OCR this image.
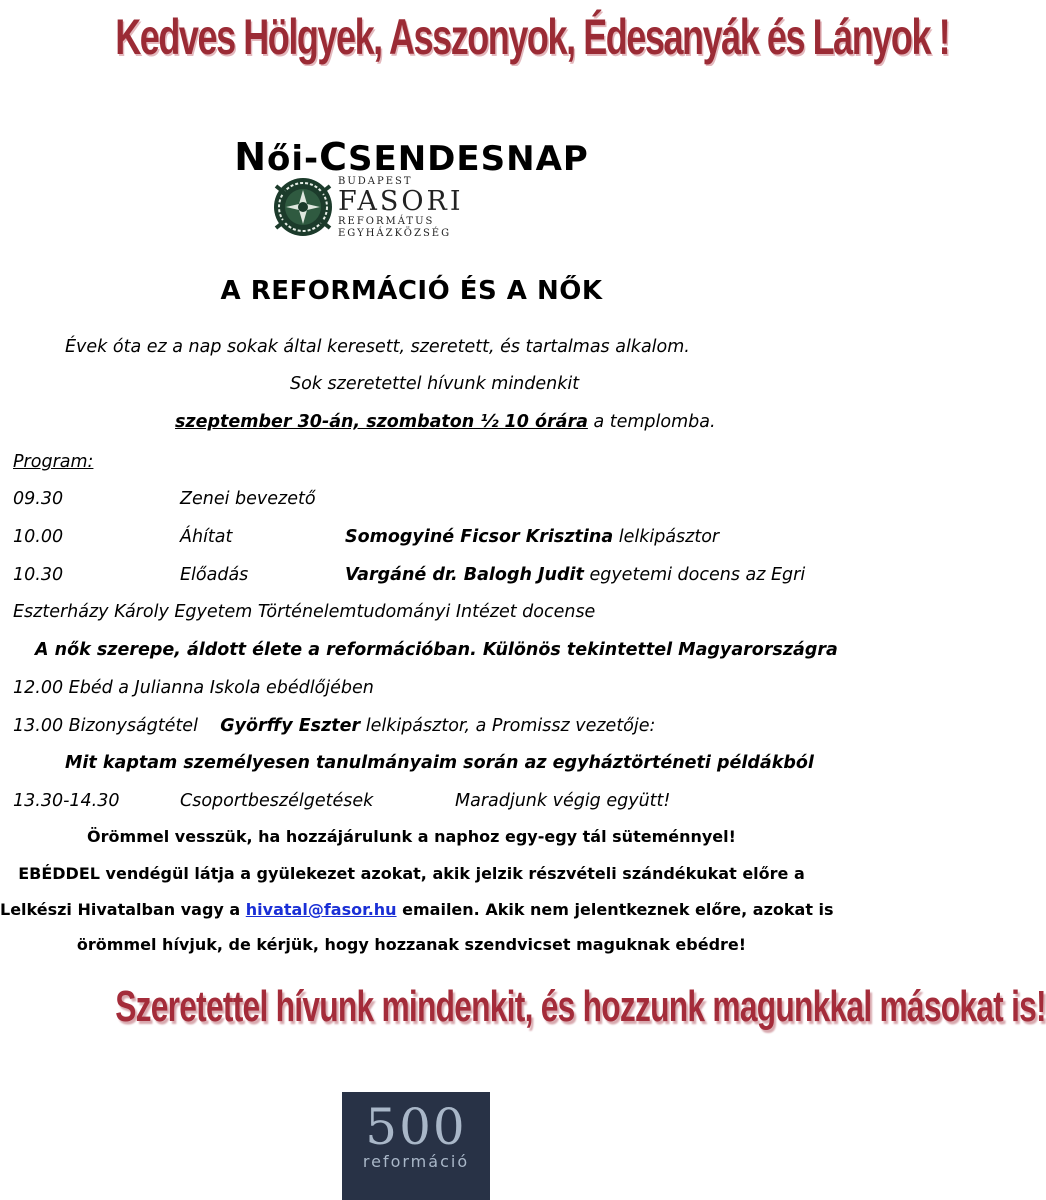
Kedves Hölgyek, Asszonyok, Édesanyák és Lányok !
Női-CSENDESNAP
BUDAPEST
FASORI
REFORMÁTUS
EGYHÁZKÖZSÉG
A REFORMÁCIÓ ÉS A NŐK
Évek óta ez a nap sokak által keresett, szeretett, és tartalmas alkalom.
Sok szeretettel hívunk mindenkit
szeptember 30-án, szombaton ½ 10 órára a templomba.
Program:
09.30	Zenei bevezető
10.00	Áhítat	Somogyiné Ficsor Krisztina lelkipásztor
10.30	Előadás	Vargáné dr. Balogh Judit egyetemi docens az Egri
Eszterházy Károly Egyetem Történelemtudományi Intézet docense
A nők szerepe, áldott élete a reformációban. Különös tekintettel Magyarországra
12.00 Ebéd a Julianna Iskola ebédlőjében
13.00 Bizonyságtétel Györffy Eszter lelkipásztor, a Promissz vezetője:
Mit kaptam személyesen tanulmányaim során az egyháztörténeti példákból
13.30-14.30	Csoportbeszélgetések	Maradjunk végig együtt!
Örömmel vesszük, ha hozzájárulunk a naphoz egy-egy tál süteménnyel!
EBÉDDEL vendégül látja a gyülekezet azokat, akik jelzik részvételi szándékukat előre a
Lelkészi Hivatalban vagy a hivatal@fasor.hu emailen. Akik nem jelentkeznek előre, azokat is
örömmel hívjuk, de kérjük, hogy hozzanak szendvicset maguknak ebédre!
Szeretettel hívunk mindenkit, és hozzunk magunkkal másokat is!
500
reformáció
